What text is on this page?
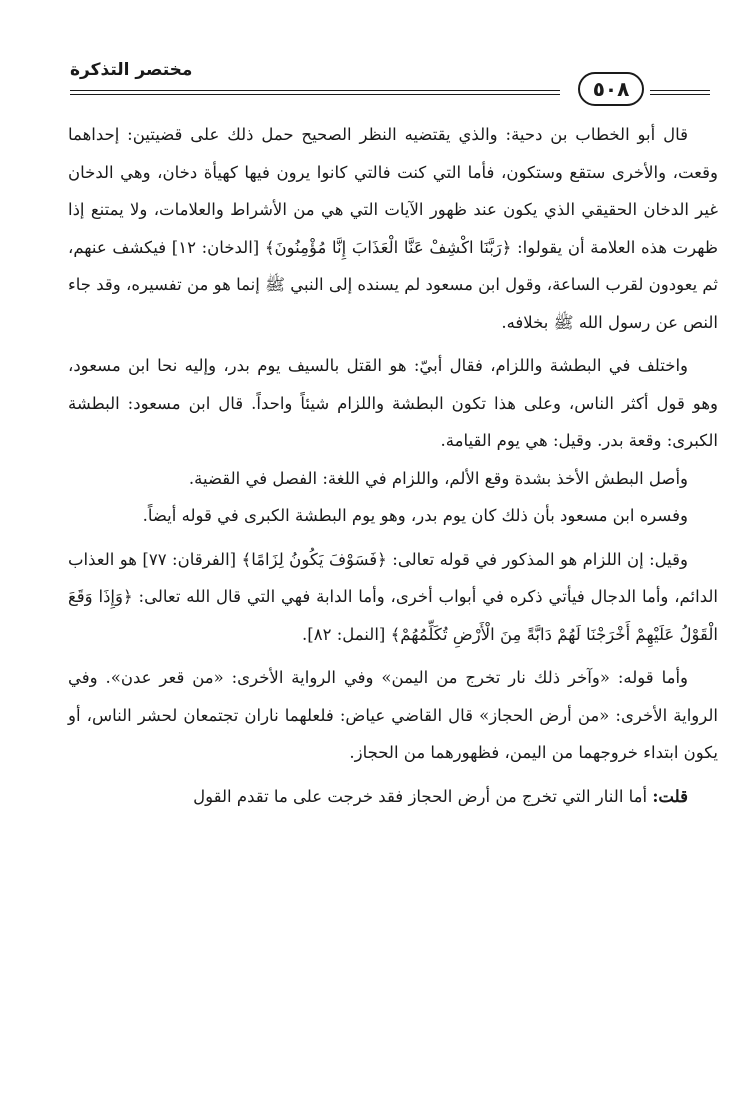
مختصر التذكرة
٥٠٨

قال أبو الخطاب بن دحية: والذي يقتضيه النظر الصحيح حمل ذلك على قضيتين: إحداهما وقعت، والأخرى ستقع وستكون، فأما التي كنت فالتي كانوا يرون فيها كهيأة دخان، وهي الدخان غير الدخان الحقيقي الذي يكون عند ظهور الآيات التي هي من الأشراط والعلامات، ولا يمتنع إذا ظهرت هذه العلامة أن يقولوا: ﴿رَبَّنَا اكْشِفْ عَنَّا الْعَذَابَ إِنَّا مُؤْمِنُونَ﴾ [الدخان: ١٢] فيكشف عنهم، ثم يعودون لقرب الساعة، وقول ابن مسعود لم يسنده إلى النبي ﷺ إنما هو من تفسيره، وقد جاء النص عن رسول الله ﷺ بخلافه.

واختلف في البطشة واللزام، فقال أبيّ: هو القتل بالسيف يوم بدر، وإليه نحا ابن مسعود، وهو قول أكثر الناس، وعلى هذا تكون البطشة واللزام شيئاً واحداً. قال ابن مسعود: البطشة الكبرى: وقعة بدر. وقيل: هي يوم القيامة.

وأصل البطش الأخذ بشدة وقع الألم، واللزام في اللغة: الفصل في القضية.

وفسره ابن مسعود بأن ذلك كان يوم بدر، وهو يوم البطشة الكبرى في قوله أيضاً.

وقيل: إن اللزام هو المذكور في قوله تعالى: ﴿فَسَوْفَ يَكُونُ لِزَامًا﴾ [الفرقان: ٧٧] هو العذاب الدائم، وأما الدجال فيأتي ذكره في أبواب أخرى، وأما الدابة فهي التي قال الله تعالى: ﴿وَإِذَا وَقَعَ الْقَوْلُ عَلَيْهِمْ أَخْرَجْنَا لَهُمْ دَابَّةً مِنَ الْأَرْضِ تُكَلِّمُهُمْ﴾ [النمل: ٨٢].

وأما قوله: «وآخر ذلك نار تخرج من اليمن» وفي الرواية الأخرى: «من قعر عدن». وفي الرواية الأخرى: «من أرض الحجاز» قال القاضي عياض: فلعلهما ناران تجتمعان لحشر الناس، أو يكون ابتداء خروجهما من اليمن، فظهورهما من الحجاز.

قلت: أما النار التي تخرج من أرض الحجاز فقد خرجت على ما تقدم القول
